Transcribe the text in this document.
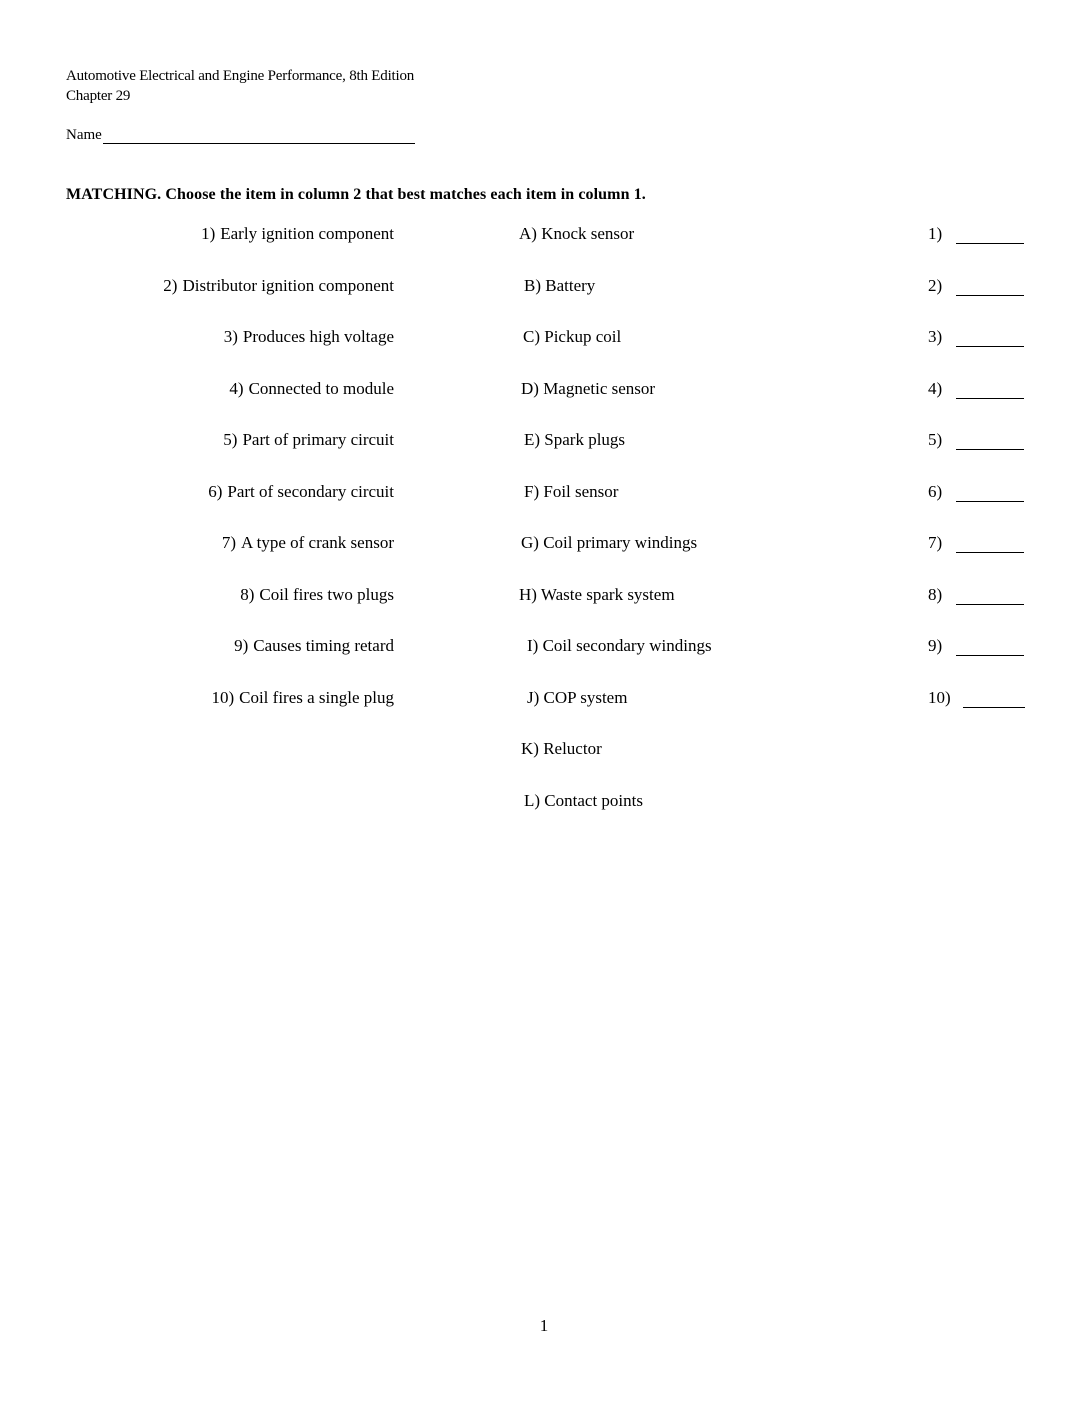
Automotive Electrical and Engine Performance, 8th Edition
Chapter 29
Name
MATCHING. Choose the item in column 2 that best matches each item in column 1.
1) Early ignition component
2) Distributor ignition component
3) Produces high voltage
4) Connected to module
5) Part of primary circuit
6) Part of secondary circuit
7) A type of crank sensor
8) Coil fires two plugs
9) Causes timing retard
10) Coil fires a single plug
A) Knock sensor
B) Battery
C) Pickup coil
D) Magnetic sensor
E) Spark plugs
F) Foil sensor
G) Coil primary windings
H) Waste spark system
I) Coil secondary windings
J) COP system
K) Reluctor
L) Contact points
1)
2)
3)
4)
5)
6)
7)
8)
9)
10)
1
